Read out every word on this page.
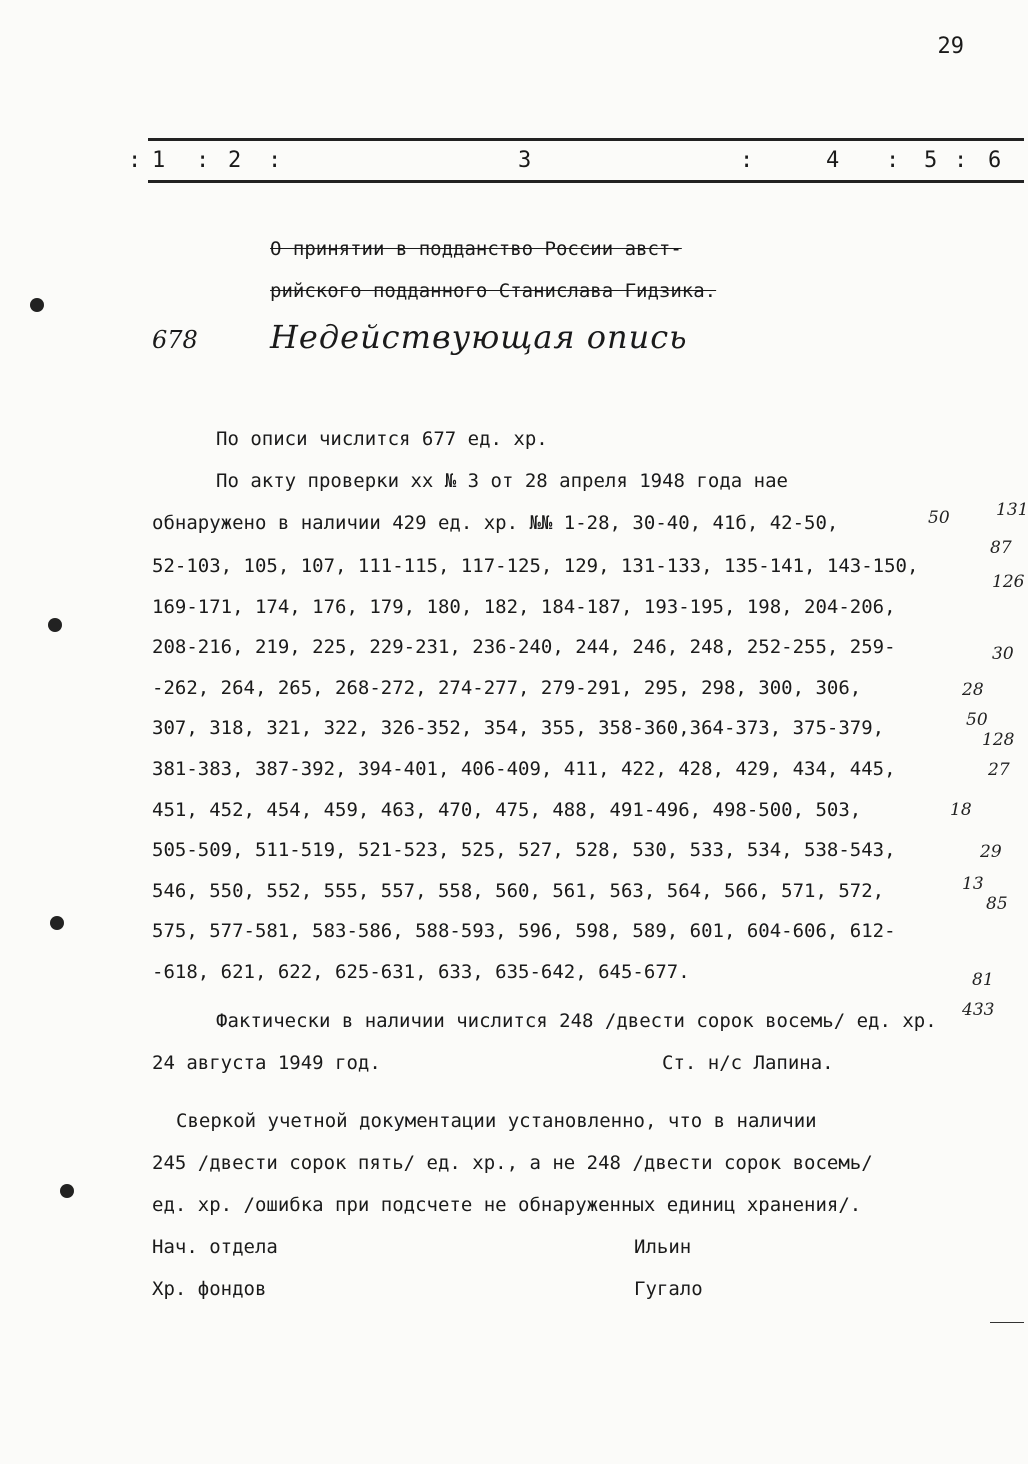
29
: 1 : 2 :	3	:	4 : 5 : 6
О принятии в подданство России авст-
рийского подданного Станислава Гидзика.
678 Недействующая опись
По описи числится 677 ед. хр.
По акту проверки хх № 3 от 28 апреля 1948 года нае
обнаружено в наличии 429 ед. хр. №№ 1-28, 30-40, 41б, 42-50,
52-103, 105, 107, 111-115, 117-125, 129, 131-133, 135-141, 143-150,
169-171, 174, 176, 179, 180, 182, 184-187, 193-195, 198, 204-206,
208-216, 219, 225, 229-231, 236-240, 244, 246, 248, 252-255, 259-
-262, 264, 265, 268-272, 274-277, 279-291, 295, 298, 300, 306,
307, 318, 321, 322, 326-352, 354, 355, 358-360,364-373, 375-379,
381-383, 387-392, 394-401, 406-409, 411, 422, 428, 429, 434, 445,
451, 452, 454, 459, 463, 470, 475, 488, 491-496, 498-500, 503,
505-509, 511-519, 521-523, 525, 527, 528, 530, 533, 534, 538-543,
546, 550, 552, 555, 557, 558, 560, 561, 563, 564, 566, 571, 572,
575, 577-581, 583-586, 588-593, 596, 598, 589, 601, 604-606, 612-
-618, 621, 622, 625-631, 633, 635-642, 645-677.
50	131
87
126
30
28
50
128
27
18
29
13
85
81
433
Фактически в наличии числится 248 /двести сорок восемь/ ед. хр.
24 августа 1949 год.	Ст. н/с Лапина.
Сверкой учетной документации установленно, что в наличии
245 /двести сорок пять/ ед. хр., а не 248 /двести сорок восемь/
ед. хр. /ошибка при подсчете не обнаруженных единиц хранения/.
Нач. отдела	Ильин
Хр. фондов	Гугало
